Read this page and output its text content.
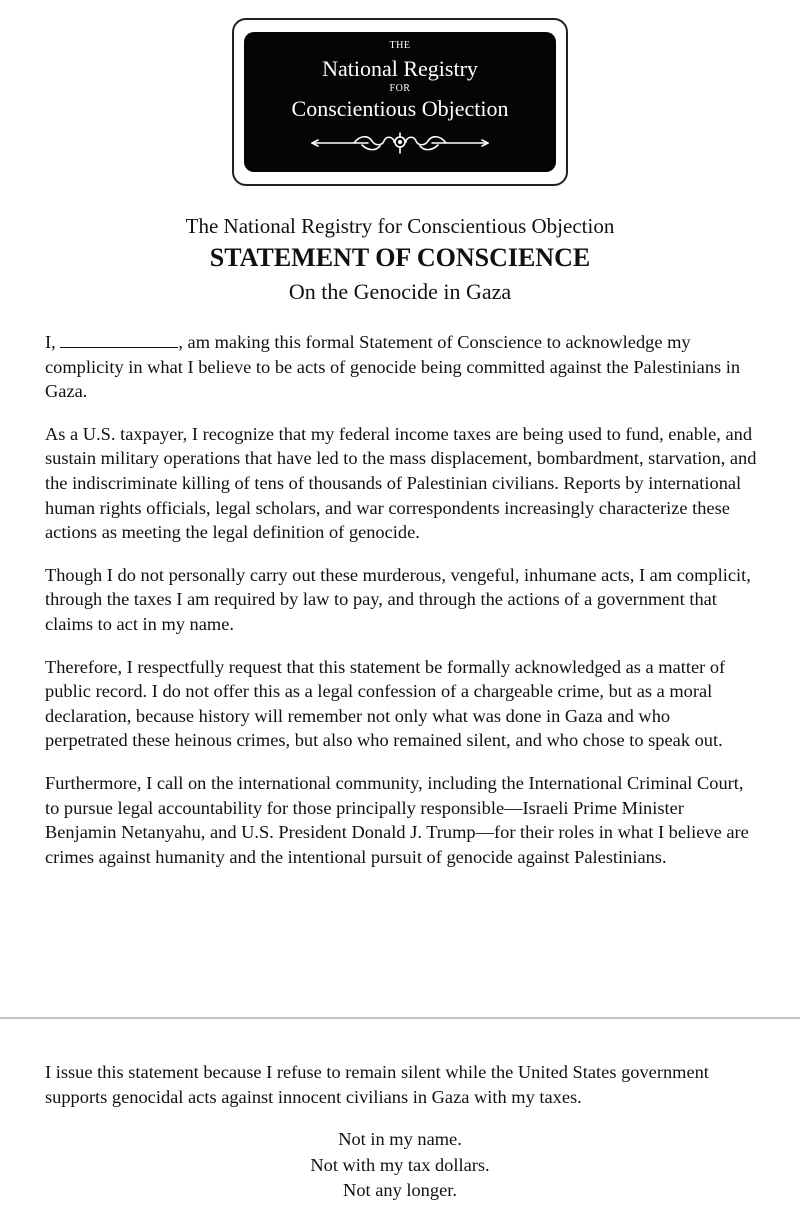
THE
National Registry
FOR
Conscientious Objection
The National Registry for Conscientious Objection
STATEMENT OF CONSCIENCE
On the Genocide in Gaza

I,	, am making this formal Statement of Conscience to acknowledge my complicity in what I believe to be acts of genocide being committed against the Palestinians in Gaza.

As a U.S. taxpayer, I recognize that my federal income taxes are being used to fund, enable, and sustain military operations that have led to the mass displacement, bombardment, starvation, and the indiscriminate killing of tens of thousands of Palestinian civilians. Reports by international human rights officials, legal scholars, and war correspondents increasingly characterize these actions as meeting the legal definition of genocide.

Though I do not personally carry out these murderous, vengeful, inhumane acts, I am complicit, through the taxes I am required by law to pay, and through the actions of a government that claims to act in my name.

Therefore, I respectfully request that this statement be formally acknowledged as a matter of public record. I do not offer this as a legal confession of a chargeable crime, but as a moral declaration, because history will remember not only what was done in Gaza and who perpetrated these heinous crimes, but also who remained silent, and who chose to speak out.

Furthermore, I call on the international community, including the International Criminal Court, to pursue legal accountability for those principally responsible—Israeli Prime Minister Benjamin Netanyahu, and U.S. President Donald J. Trump—for their roles in what I believe are crimes against humanity and the intentional pursuit of genocide against Palestinians.

I issue this statement because I refuse to remain silent while the United States government supports genocidal acts against innocent civilians in Gaza with my taxes.

Not in my name.
Not with my tax dollars.
Not any longer.
